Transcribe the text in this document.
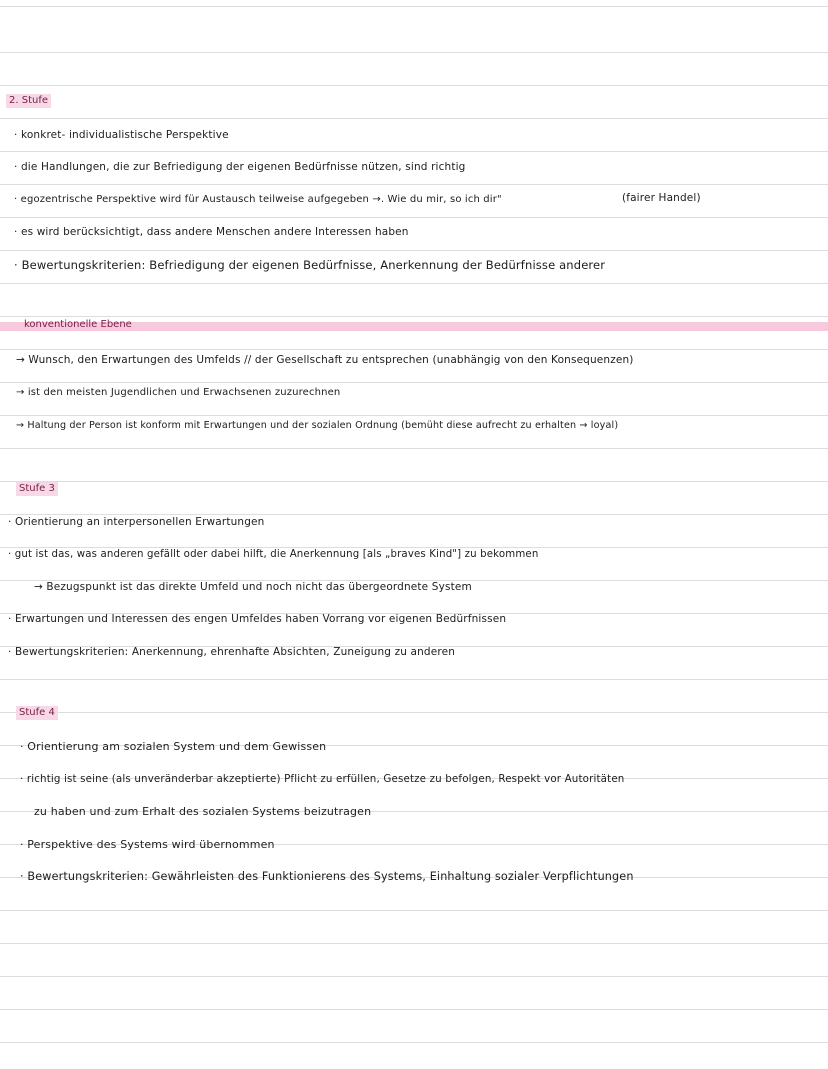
2. Stufe
· konkret- individualistische Perspektive
· die Handlungen, die zur Befriedigung der eigenen Bedürfnisse nützen, sind richtig
· egozentrische Perspektive wird für Austausch teilweise aufgegeben →. Wie du mir, so ich dir"	(fairer Handel)
· es wird berücksichtigt, dass andere Menschen andere Interessen haben
· Bewertungskriterien: Befriedigung der eigenen Bedürfnisse, Anerkennung der Bedürfnisse anderer
konventionelle Ebene
→ Wunsch, den Erwartungen des Umfelds // der Gesellschaft zu entsprechen (unabhängig von den Konsequenzen)
→ ist den meisten Jugendlichen und Erwachsenen zuzurechnen
→ Haltung der Person ist konform mit Erwartungen und der sozialen Ordnung (bemüht diese aufrecht zu erhalten → loyal)
Stufe 3
· Orientierung an interpersonellen Erwartungen
· gut ist das, was anderen gefällt oder dabei hilft, die Anerkennung [als „braves Kind"] zu bekommen
→ Bezugspunkt ist das direkte Umfeld und noch nicht das übergeordnete System
· Erwartungen und Interessen des engen Umfeldes haben Vorrang vor eigenen Bedürfnissen
· Bewertungskriterien: Anerkennung, ehrenhafte Absichten, Zuneigung zu anderen
Stufe 4
· Orientierung am sozialen System und dem Gewissen
· richtig ist seine (als unveränderbar akzeptierte) Pflicht zu erfüllen, Gesetze zu befolgen, Respekt vor Autoritäten
zu haben und zum Erhalt des sozialen Systems beizutragen
· Perspektive des Systems wird übernommen
· Bewertungskriterien: Gewährleisten des Funktionierens des Systems, Einhaltung sozialer Verpflichtungen
